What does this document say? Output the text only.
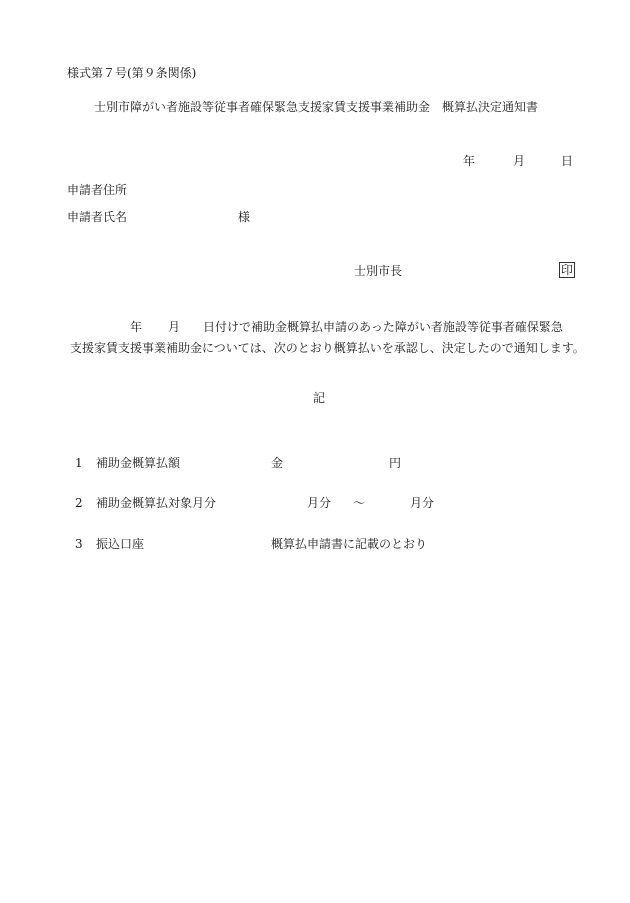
様式第７号(第９条関係)
士別市障がい者施設等従事者確保緊急支援家賃支援事業補助金　概算払決定通知書
年	月	日
申請者住所
申請者氏名	様
士別市長	印
年 月 日付けで補助金概算払申請のあった障がい者施設等従事者確保緊急
支援家賃支援事業補助金については、次のとおり概算払いを承認し、決定したので通知します。
記
1 補助金概算払額	金	円
2 補助金概算払対象月分	月分 ～	月分
3 振込口座	概算払申請書に記載のとおり
